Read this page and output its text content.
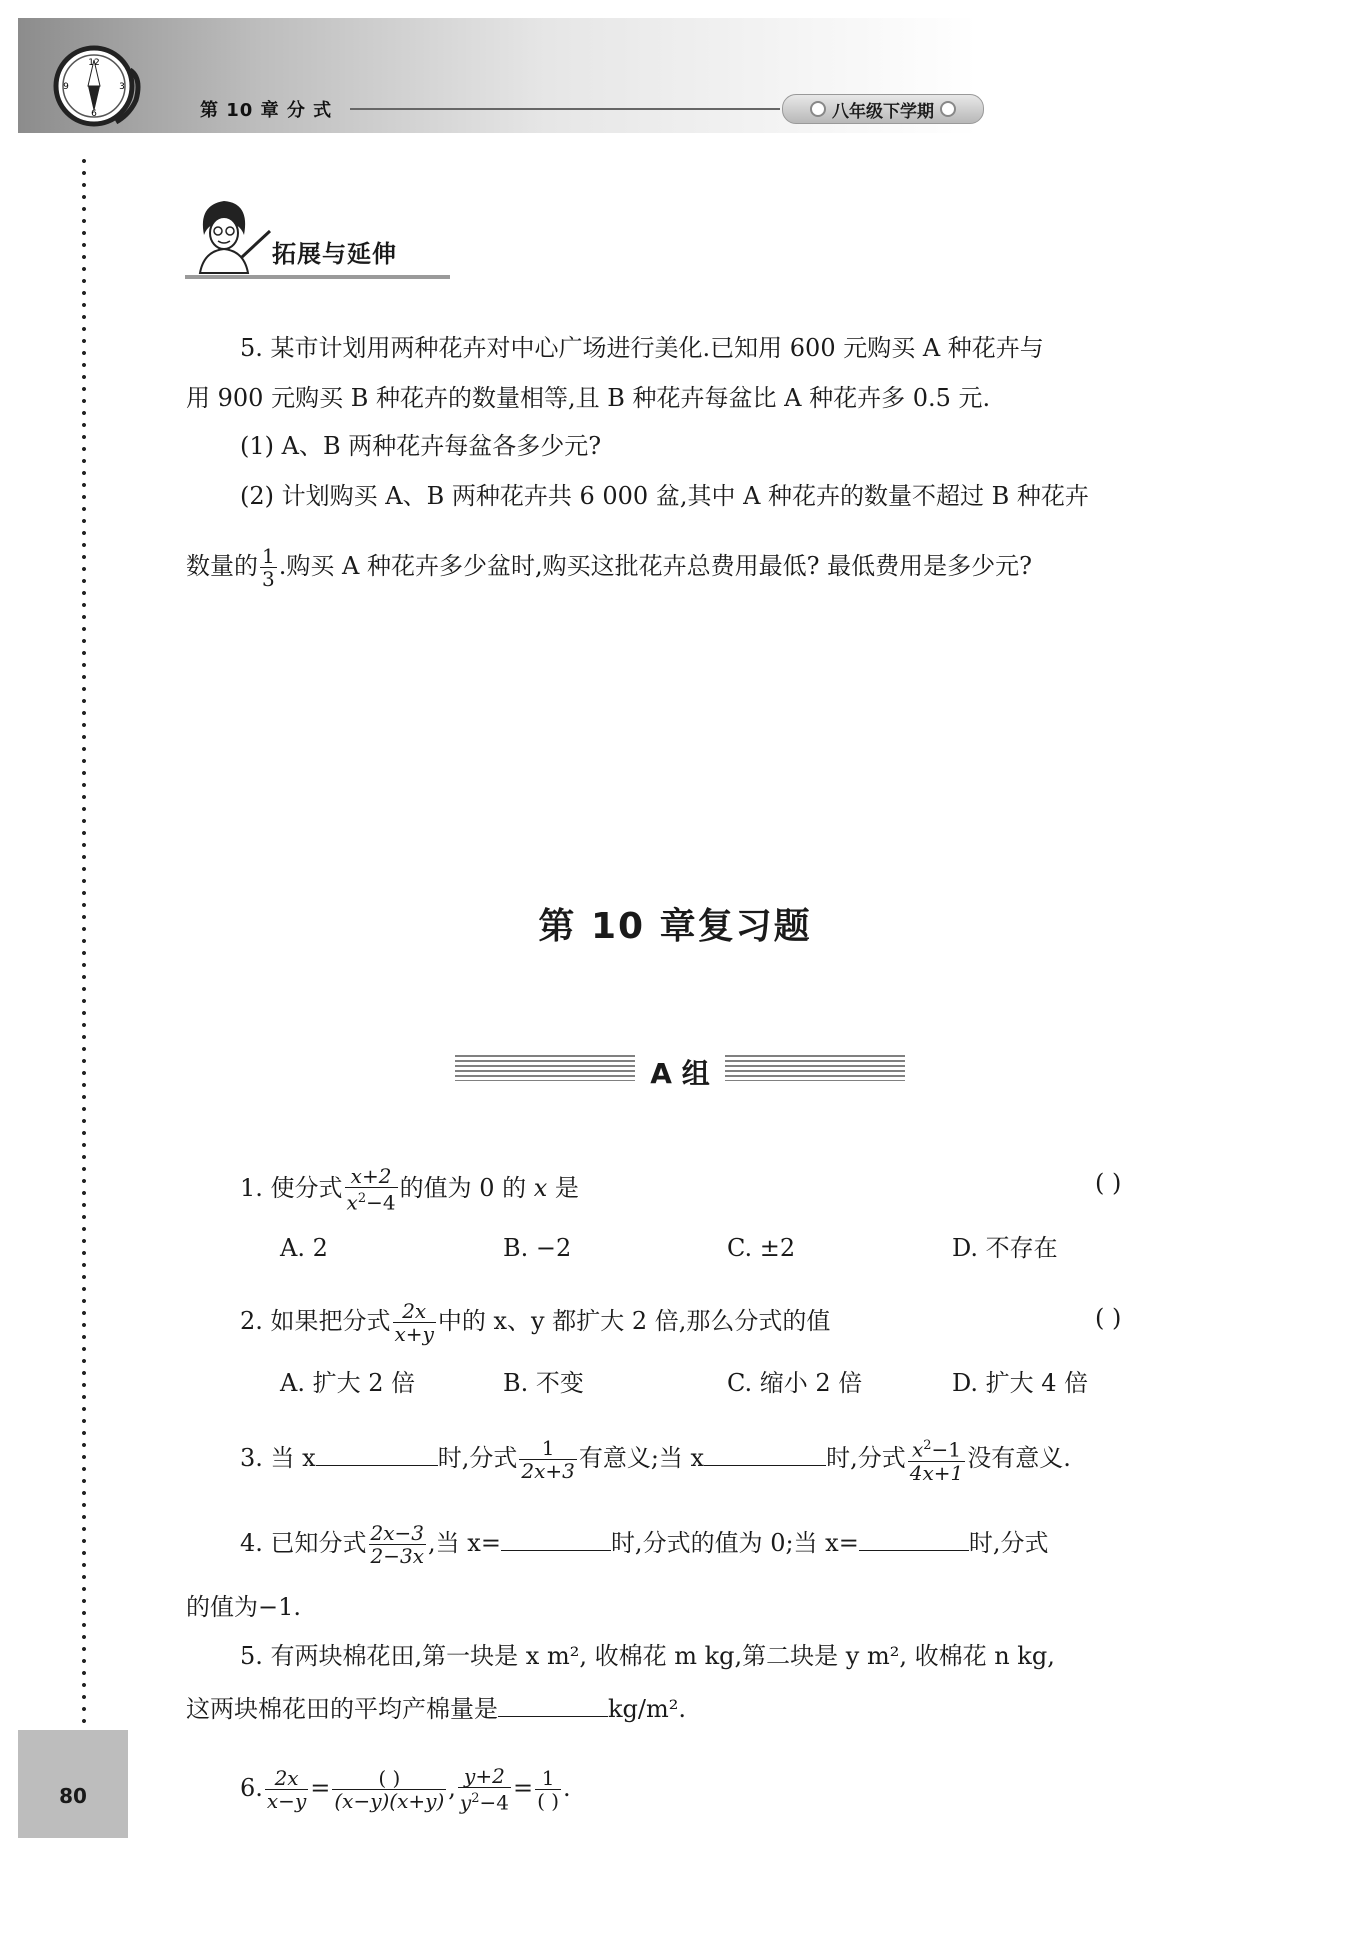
12
3
6
9
第 10 章 分 式	八年级下学期
拓展与延伸
5. 某市计划用两种花卉对中心广场进行美化.已知用 600 元购买 A 种花卉与
用 900 元购买 B 种花卉的数量相等,且 B 种花卉每盆比 A 种花卉多 0.5 元.
(1) A、B 两种花卉每盆各多少元?
(2) 计划购买 A、B 两种花卉共 6 000 盆,其中 A 种花卉的数量不超过 B 种花卉
数量的 $\frac{1}{3}$ .购买 A 种花卉多少盆时,购买这批花卉总费用最低? 最低费用是多少元?
第 10 章复习题
A 组
1. 使分式 $\frac{x+2}{x^2-4}$ 的值为 0 的 x 是	( )
A. 2	B. −2	C. ±2	D. 不存在
2. 如果把分式 $\frac{2x}{x+y}$ 中的 x、y 都扩大 2 倍,那么分式的值	( )
A. 扩大 2 倍	B. 不变	C. 缩小 2 倍	D. 扩大 4 倍
3. 当 x	时,分式 $\frac{1}{2x+3}$ 有意义;当 x	时,分式 $\frac{x^2-1}{4x+1}$ 没有意义.
4. 已知分式 $\frac{2x-3}{2-3x}$ ,当 x=	时,分式的值为 0;当 x=	时,分式
的值为−1.
5. 有两块棉花田,第一块是 x m², 收棉花 m kg,第二块是 y m², 收棉花 n kg,
这两块棉花田的平均产棉量是	kg/m².
6. $\frac{2x}{x-y} = \frac{( )}{(x-y)(x+y)}$ , $\frac{y+2}{y^2-4} = \frac{1}{( )}$ .
80
